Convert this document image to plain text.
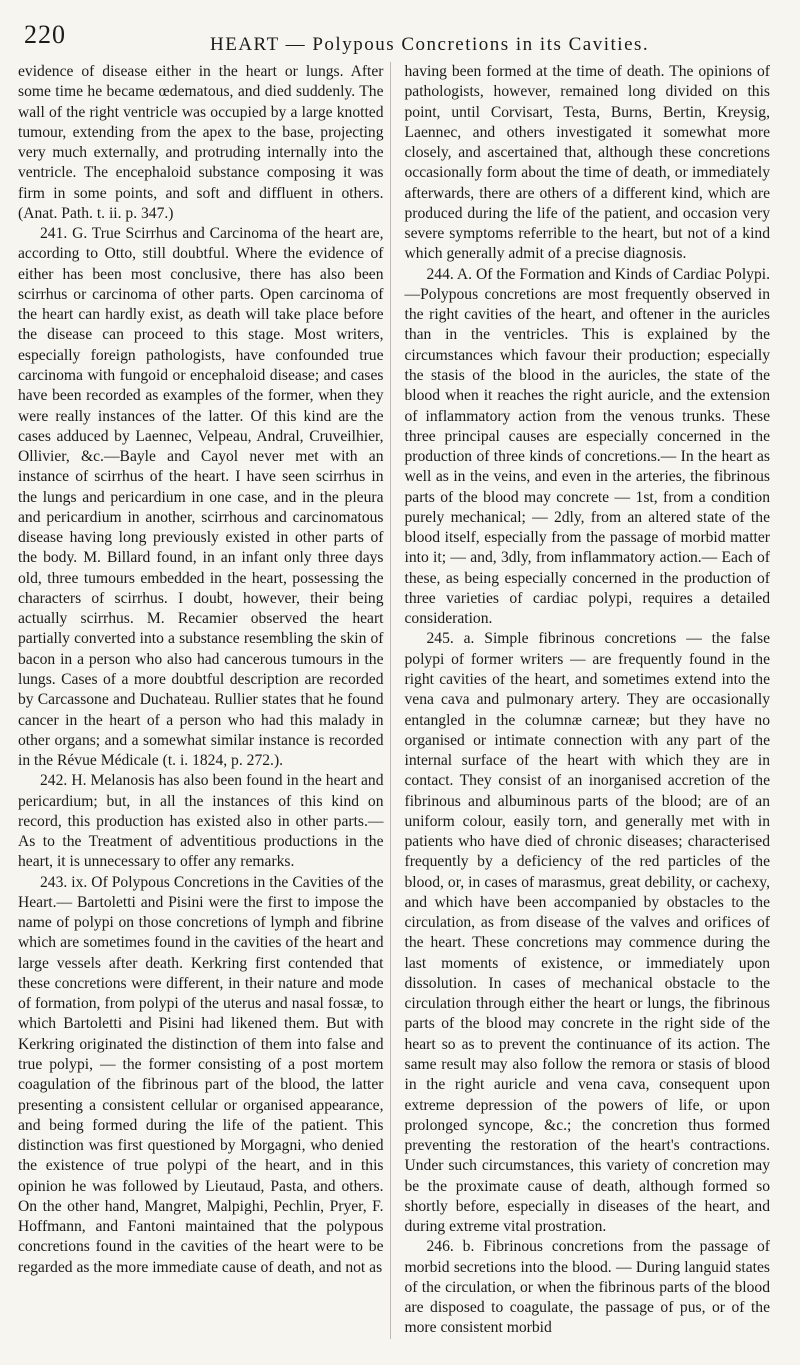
220	HEART — Polypous Concretions in its Cavities.

evidence of disease either in the heart or lungs. After some time he became œdematous, and died suddenly. The wall of the right ventricle was occupied by a large knotted tumour, extending from the apex to the base, projecting very much externally, and protruding internally into the ventricle. The encephaloid substance composing it was firm in some points, and soft and diffluent in others. (Anat. Path. t. ii. p. 347.)

241. G. True Scirrhus and Carcinoma of the heart are, according to Otto, still doubtful. Where the evidence of either has been most conclusive, there has also been scirrhus or carcinoma of other parts. Open carcinoma of the heart can hardly exist, as death will take place before the disease can proceed to this stage. Most writers, especially foreign pathologists, have confounded true carcinoma with fungoid or encephaloid disease; and cases have been recorded as examples of the former, when they were really instances of the latter. Of this kind are the cases adduced by Laennec, Velpeau, Andral, Cruveilhier, Ollivier, &c.—Bayle and Cayol never met with an instance of scirrhus of the heart. I have seen scirrhus in the lungs and pericardium in one case, and in the pleura and pericardium in another, scirrhous and carcinomatous disease having long previously existed in other parts of the body. M. Billard found, in an infant only three days old, three tumours embedded in the heart, possessing the characters of scirrhus. I doubt, however, their being actually scirrhus. M. Recamier observed the heart partially converted into a substance resembling the skin of bacon in a person who also had cancerous tumours in the lungs. Cases of a more doubtful description are recorded by Carcassone and Duchateau. Rullier states that he found cancer in the heart of a person who had this malady in other organs; and a somewhat similar instance is recorded in the Révue Médicale (t. i. 1824, p. 272.).

242. H. Melanosis has also been found in the heart and pericardium; but, in all the instances of this kind on record, this production has existed also in other parts.— As to the Treatment of adventitious productions in the heart, it is unnecessary to offer any remarks.

243. ix. Of Polypous Concretions in the Cavities of the Heart.— Bartoletti and Pisini were the first to impose the name of polypi on those concretions of lymph and fibrine which are sometimes found in the cavities of the heart and large vessels after death. Kerkring first contended that these concretions were different, in their nature and mode of formation, from polypi of the uterus and nasal fossæ, to which Bartoletti and Pisini had likened them. But with Kerkring originated the distinction of them into false and true polypi, — the former consisting of a post mortem coagulation of the fibrinous part of the blood, the latter presenting a consistent cellular or organised appearance, and being formed during the life of the patient. This distinction was first questioned by Morgagni, who denied the existence of true polypi of the heart, and in this opinion he was followed by Lieutaud, Pasta, and others. On the other hand, Mangret, Malpighi, Pechlin, Pryer, F. Hoffmann, and Fantoni maintained that the polypous concretions found in the cavities of the heart were to be regarded as the more immediate cause of death, and not as

having been formed at the time of death. The opinions of pathologists, however, remained long divided on this point, until Corvisart, Testa, Burns, Bertin, Kreysig, Laennec, and others investigated it somewhat more closely, and ascertained that, although these concretions occasionally form about the time of death, or immediately afterwards, there are others of a different kind, which are produced during the life of the patient, and occasion very severe symptoms referrible to the heart, but not of a kind which generally admit of a precise diagnosis.

244. A. Of the Formation and Kinds of Cardiac Polypi.—Polypous concretions are most frequently observed in the right cavities of the heart, and oftener in the auricles than in the ventricles. This is explained by the circumstances which favour their production; especially the stasis of the blood in the auricles, the state of the blood when it reaches the right auricle, and the extension of inflammatory action from the venous trunks. These three principal causes are especially concerned in the production of three kinds of concretions.— In the heart as well as in the veins, and even in the arteries, the fibrinous parts of the blood may concrete — 1st, from a condition purely mechanical; — 2dly, from an altered state of the blood itself, especially from the passage of morbid matter into it; — and, 3dly, from inflammatory action.— Each of these, as being especially concerned in the production of three varieties of cardiac polypi, requires a detailed consideration.

245. a. Simple fibrinous concretions — the false polypi of former writers — are frequently found in the right cavities of the heart, and sometimes extend into the vena cava and pulmonary artery. They are occasionally entangled in the columnæ carneæ; but they have no organised or intimate connection with any part of the internal surface of the heart with which they are in contact. They consist of an inorganised accretion of the fibrinous and albuminous parts of the blood; are of an uniform colour, easily torn, and generally met with in patients who have died of chronic diseases; characterised frequently by a deficiency of the red particles of the blood, or, in cases of marasmus, great debility, or cachexy, and which have been accompanied by obstacles to the circulation, as from disease of the valves and orifices of the heart. These concretions may commence during the last moments of existence, or immediately upon dissolution. In cases of mechanical obstacle to the circulation through either the heart or lungs, the fibrinous parts of the blood may concrete in the right side of the heart so as to prevent the continuance of its action. The same result may also follow the remora or stasis of blood in the right auricle and vena cava, consequent upon extreme depression of the powers of life, or upon prolonged syncope, &c.; the concretion thus formed preventing the restoration of the heart's contractions. Under such circumstances, this variety of concretion may be the proximate cause of death, although formed so shortly before, especially in diseases of the heart, and during extreme vital prostration.

246. b. Fibrinous concretions from the passage of morbid secretions into the blood. — During languid states of the circulation, or when the fibrinous parts of the blood are disposed to coagulate, the passage of pus, or of the more consistent morbid
